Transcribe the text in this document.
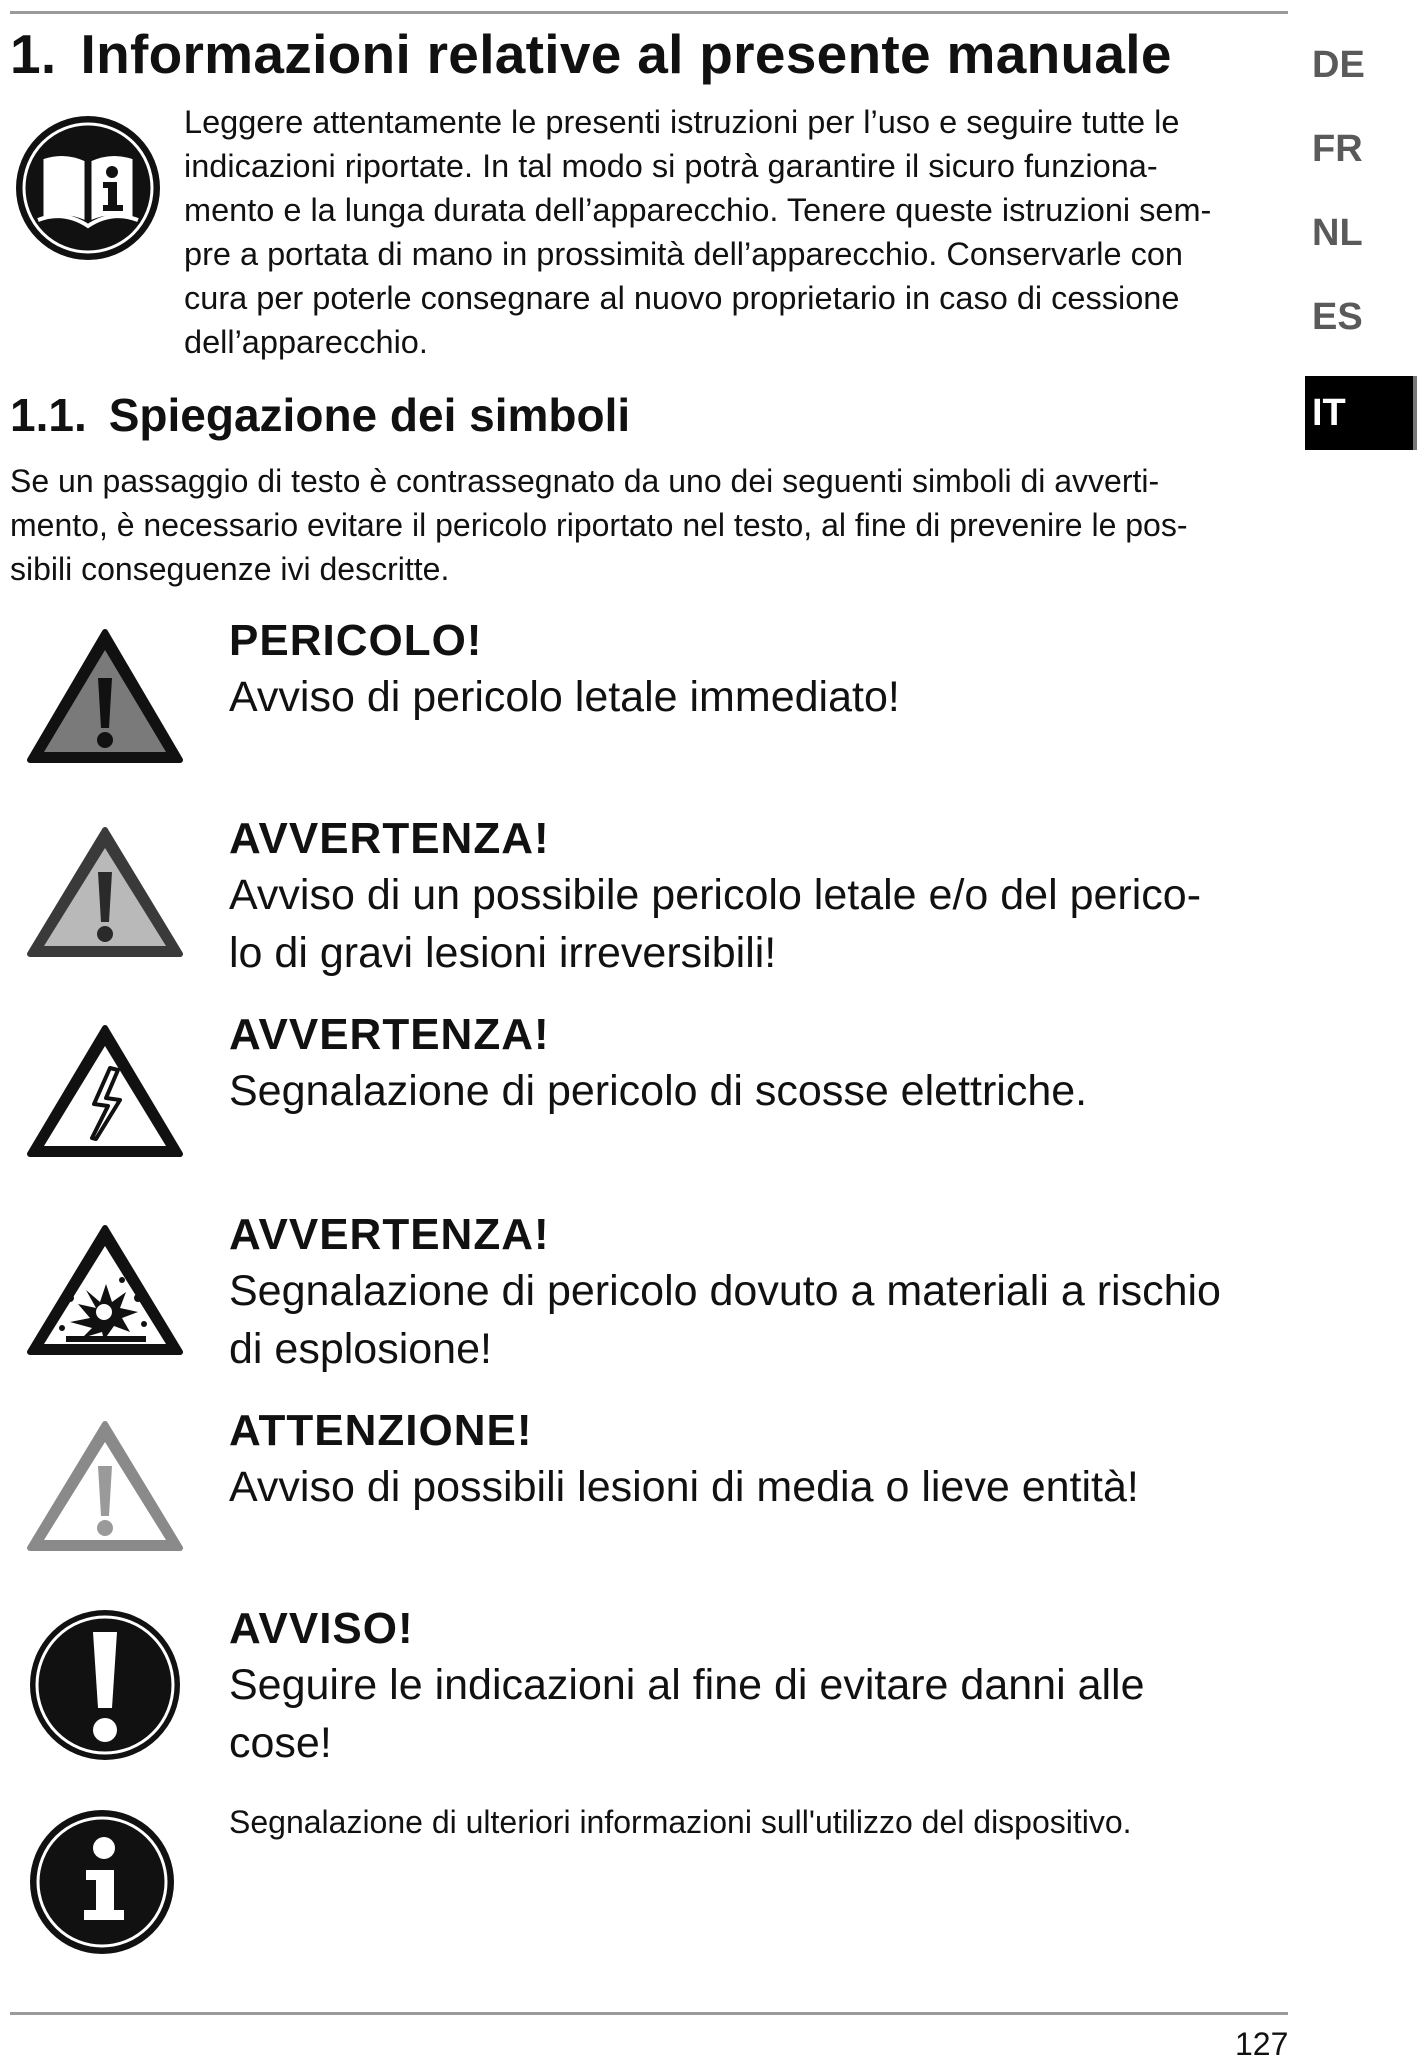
1. Informazioni relative al presente manuale
Leggere attentamente le presenti istruzioni per l’uso e seguire tutte le
indicazioni riportate. In tal modo si potrà garantire il sicuro funziona-
mento e la lunga durata dell’apparecchio. Tenere queste istruzioni sem-
pre a portata di mano in prossimità dell’apparecchio. Conservarle con
cura per poterle consegnare al nuovo proprietario in caso di cessione
dell’apparecchio.
1.1. Spiegazione dei simboli
Se un passaggio di testo è contrassegnato da uno dei seguenti simboli di avverti-
mento, è necessario evitare il pericolo riportato nel testo, al fine di prevenire le pos-
sibili conseguenze ivi descritte.
PERICOLO!
Avviso di pericolo letale immediato!
AVVERTENZA!
Avviso di un possibile pericolo letale e/o del perico-
lo di gravi lesioni irreversibili!
AVVERTENZA!
Segnalazione di pericolo di scosse elettriche.
AVVERTENZA!
Segnalazione di pericolo dovuto a materiali a rischio
di esplosione!
ATTENZIONE!
Avviso di possibili lesioni di media o lieve entità!
AVVISO!
Seguire le indicazioni al fine di evitare danni alle
cose!
Segnalazione di ulteriori informazioni sull'utilizzo del dispositivo.
DE
FR
NL
ES
IT
127
